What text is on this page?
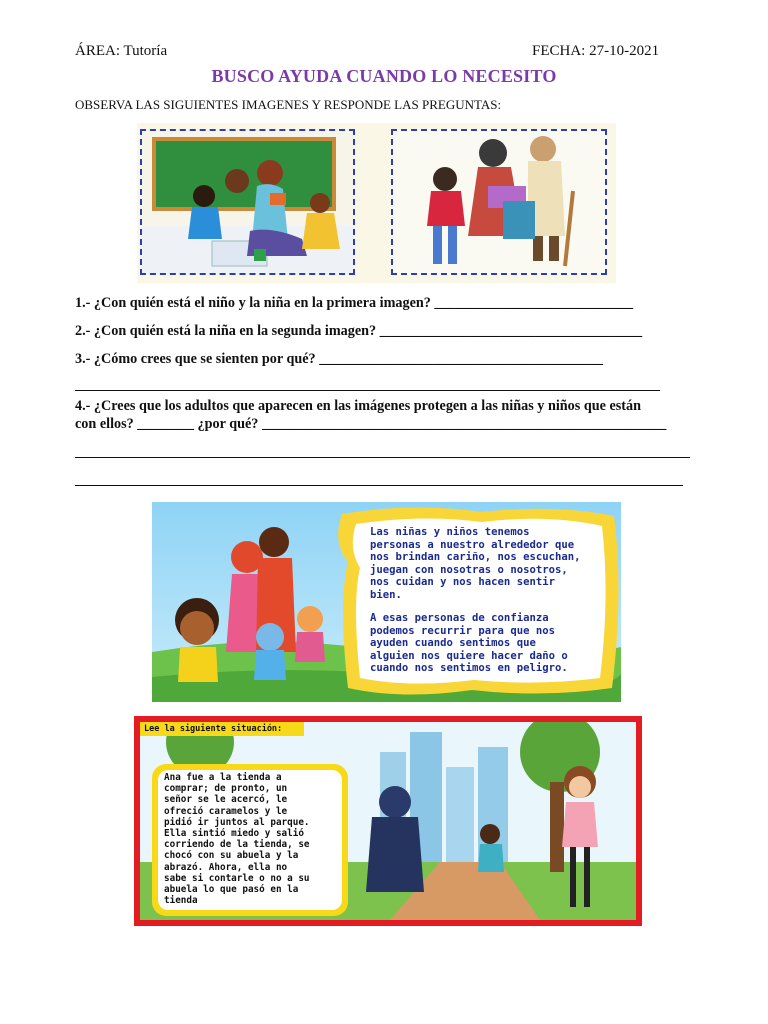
ÁREA: Tutoría	FECHA: 27-10-2021
BUSCO AYUDA CUANDO LO NECESITO
OBSERVA LAS SIGUIENTES IMAGENES Y RESPONDE LAS PREGUNTAS:
1.- ¿Con quién está el niño y la niña en la primera imagen? ____________________________
2.- ¿Con quién está la niña en la segunda imagen? _____________________________________
3.- ¿Cómo crees que se sienten por qué? ________________________________________
4.- ¿Crees que los adultos que aparecen en las imágenes protegen a las niñas y niños que están
con ellos? ________ ¿por qué? _________________________________________________________
Las niñas y niños tenemos
personas a nuestro alrededor que
nos brindan cariño, nos escuchan,
juegan con nosotras o nosotros,
nos cuidan y nos hacen sentir
bien.
A esas personas de confianza
podemos recurrir para que nos
ayuden cuando sentimos que
alguien nos quiere hacer daño o
cuando nos sentimos en peligro.
Lee la siguiente situación:
Ana fue a la tienda a
comprar; de pronto, un
señor se le acercó, le
ofreció caramelos y le
pidió ir juntos al parque.
Ella sintió miedo y salió
corriendo de la tienda, se
chocó con su abuela y la
abrazó. Ahora, ella no
sabe si contarle o no a su
abuela lo que pasó en la
tienda
